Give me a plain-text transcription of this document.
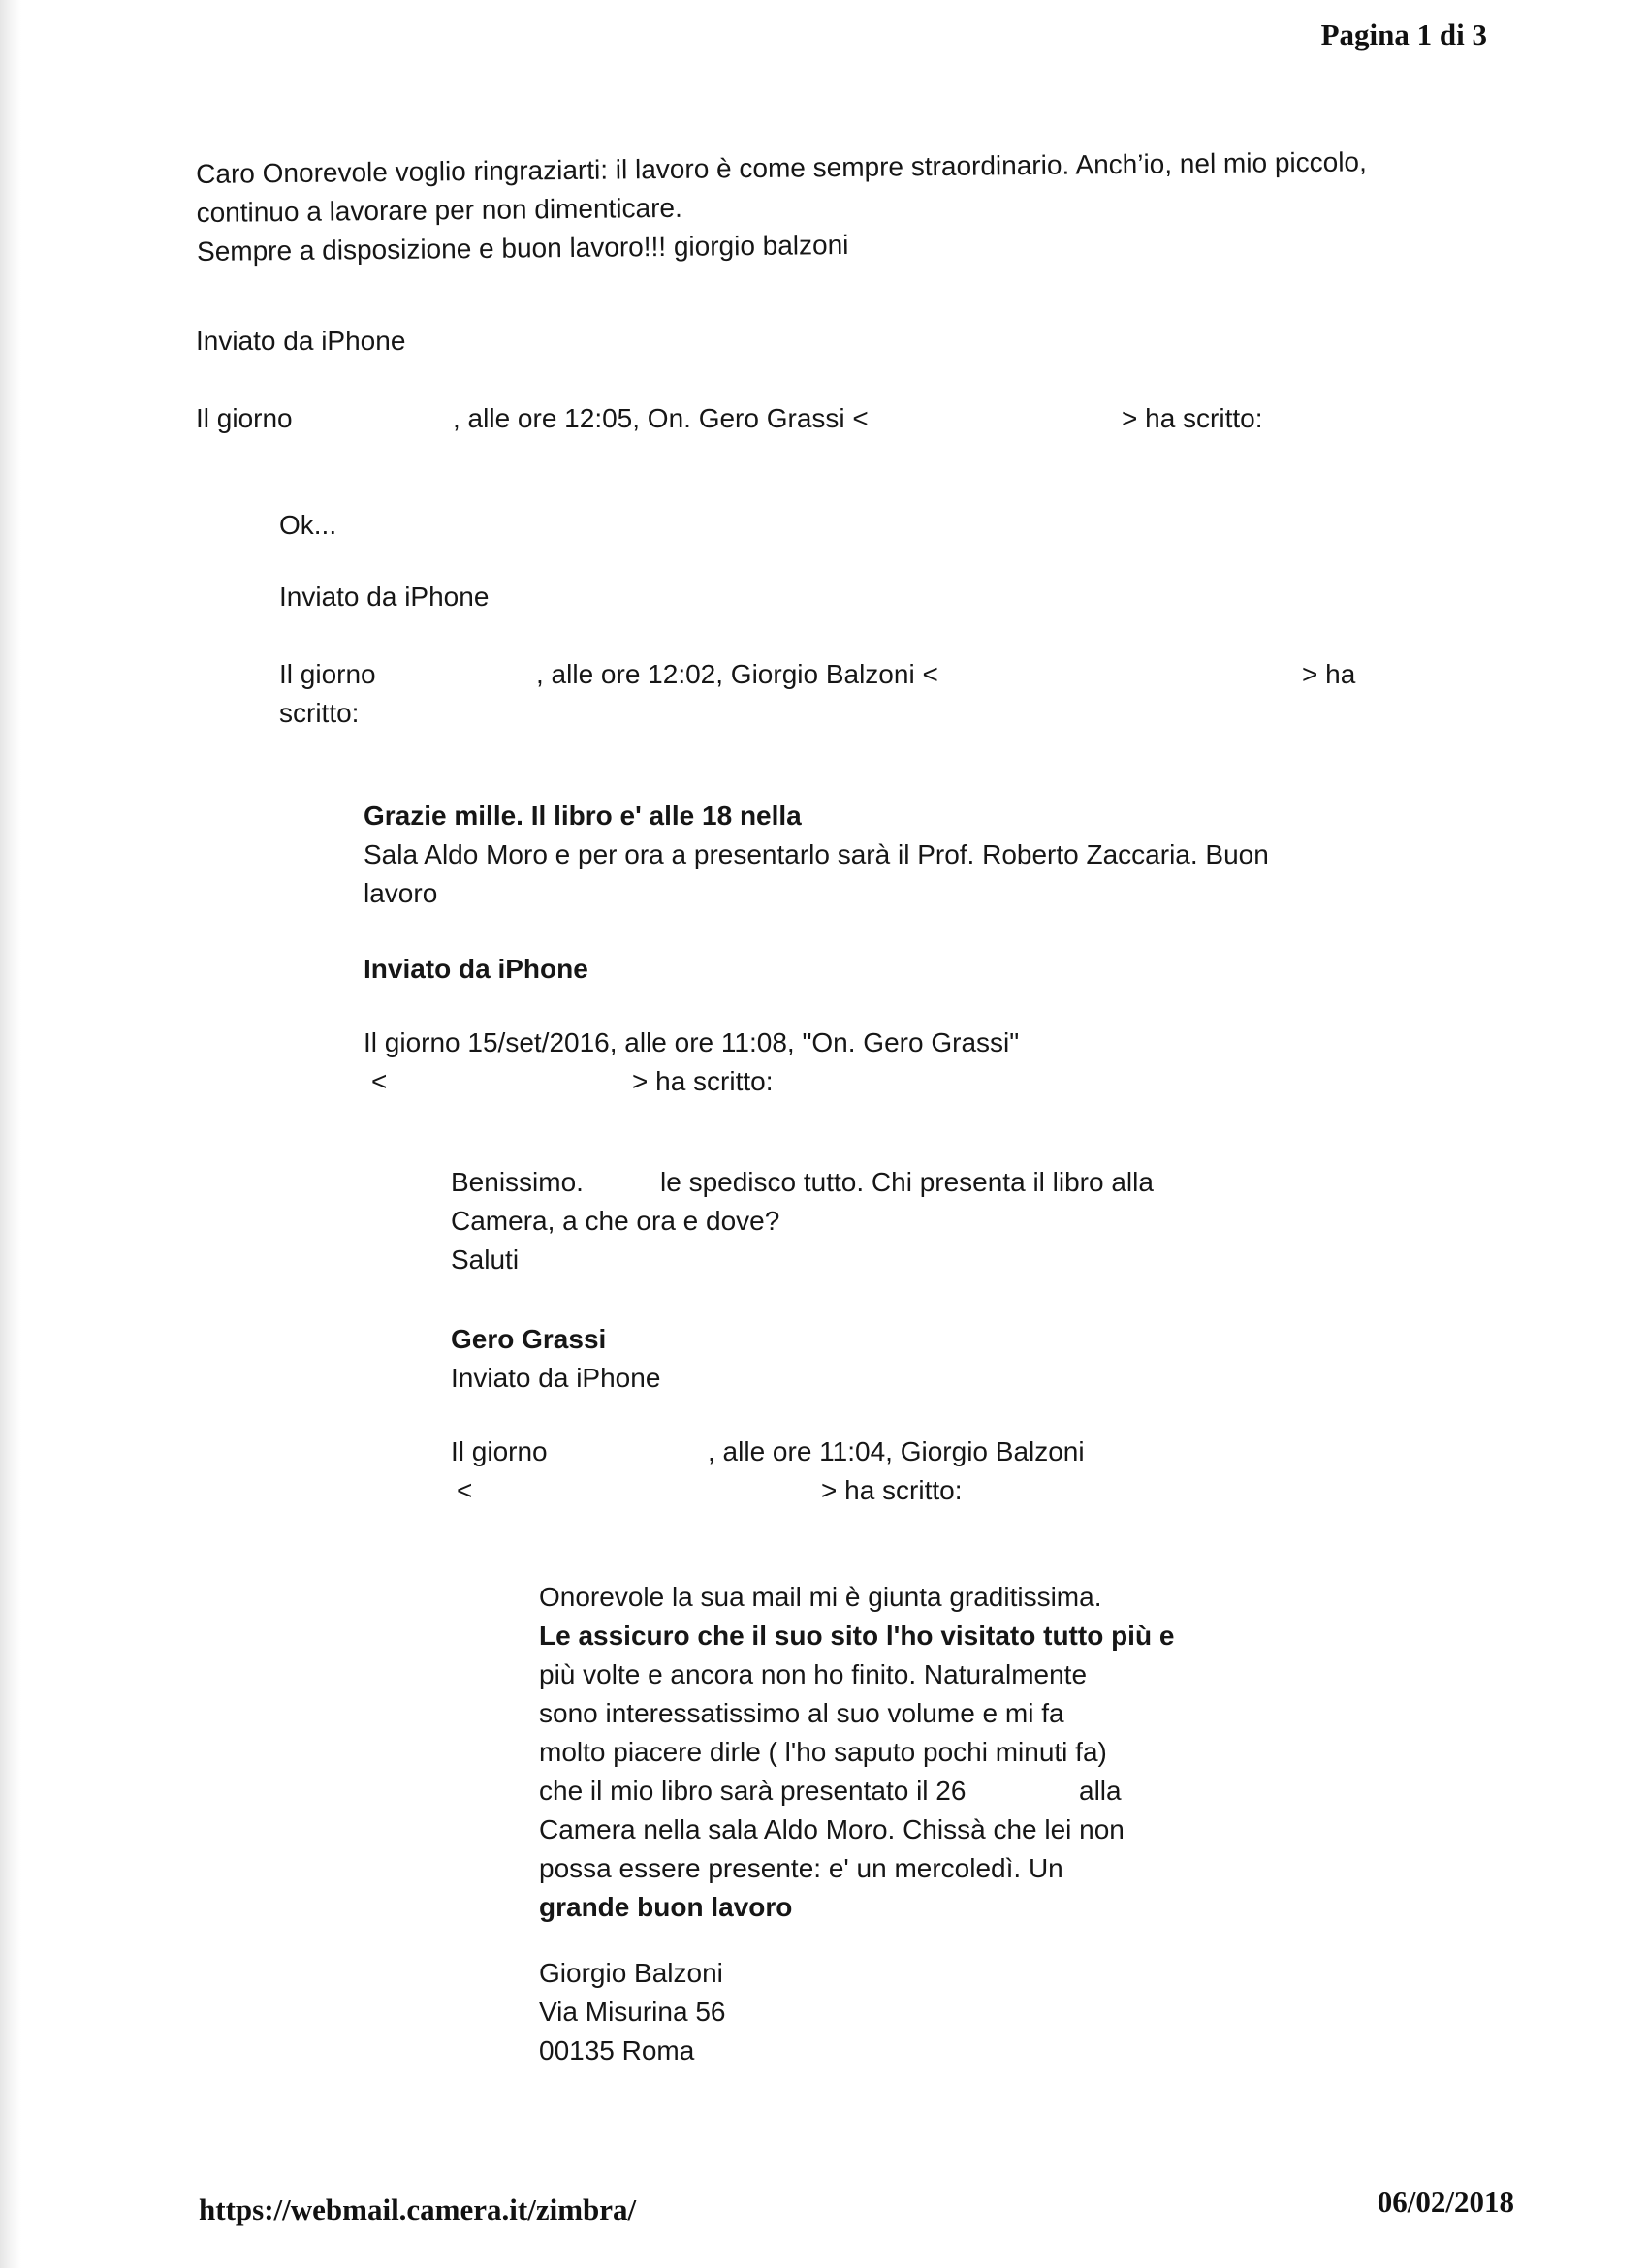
Pagina 1 di 3
Caro Onorevole voglio ringraziarti: il lavoro è come sempre straordinario. Anch’io, nel mio piccolo,
continuo a lavorare per non dimenticare.
Sempre a disposizione e buon lavoro!!! giorgio balzoni
Inviato da iPhone
Il giorno	, alle ore 12:05, On. Gero Grassi <	> ha scritto:
Ok...
Inviato da iPhone
Il giorno	, alle ore 12:02, Giorgio Balzoni <	> ha
scritto:
Grazie mille. Il libro e' alle 18 nella
Sala Aldo Moro e per ora a presentarlo sarà il Prof. Roberto Zaccaria. Buon
lavoro
Inviato da iPhone
Il giorno 15/set/2016, alle ore 11:08, "On. Gero Grassi"
<	> ha scritto:
Benissimo.	le spedisco tutto. Chi presenta il libro alla
Camera, a che ora e dove?
Saluti
Gero Grassi
Inviato da iPhone
Il giorno	, alle ore 11:04, Giorgio Balzoni
<	> ha scritto:
Onorevole la sua mail mi è giunta graditissima.
Le assicuro che il suo sito l'ho visitato tutto più e
più volte e ancora non ho finito. Naturalmente
sono interessatissimo al suo volume e mi fa
molto piacere dirle ( l'ho saputo pochi minuti fa)
che il mio libro sarà presentato il 26	alla
Camera nella sala Aldo Moro. Chissà che lei non
possa essere presente: e' un mercoledì. Un
grande buon lavoro
Giorgio Balzoni
Via Misurina 56
00135 Roma
https://webmail.camera.it/zimbra/	06/02/2018
